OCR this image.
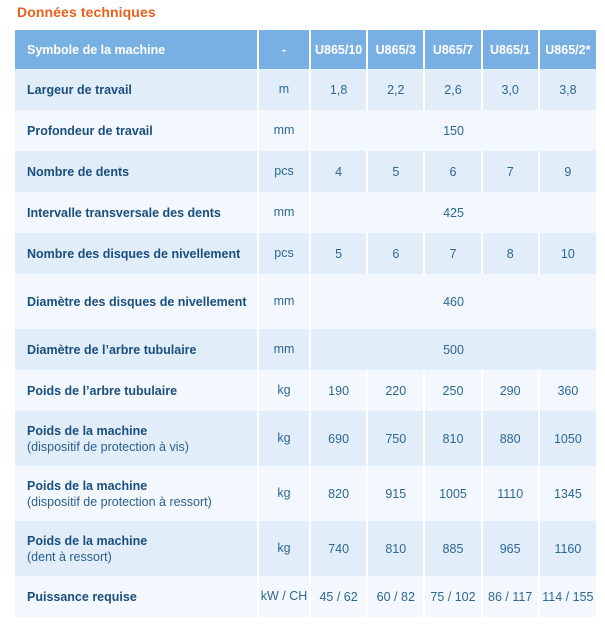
Données techniques
Symbole de la machine	-	U865/10	U865/3	U865/7	U865/1	U865/2*
Largeur de travail	m	1,8	2,2	2,6	3,0	3,8
Profondeur de travail	mm	150				
Nombre de dents	pcs	4	5	6	7	9
Intervalle transversale des dents	mm	425				
Nombre des disques de nivellement	pcs	5	6	7	8	10
Diamètre des disques de nivellement	mm	460				
Diamètre de l’arbre tubulaire	mm	500				
Poids de l’arbre tubulaire	kg	190	220	250	290	360
Poids de la machine
(dispositif de protection à vis)	kg	690	750	810	880	1050
Poids de la machine
(dispositif de protection à ressort)	kg	820	915	1005	1110	1345
Poids de la machine
(dent à ressort)	kg	740	810	885	965	1160
Puissance requise	kW / CH	45 / 62	60 / 82	75 / 102	86 / 117	114 / 155
